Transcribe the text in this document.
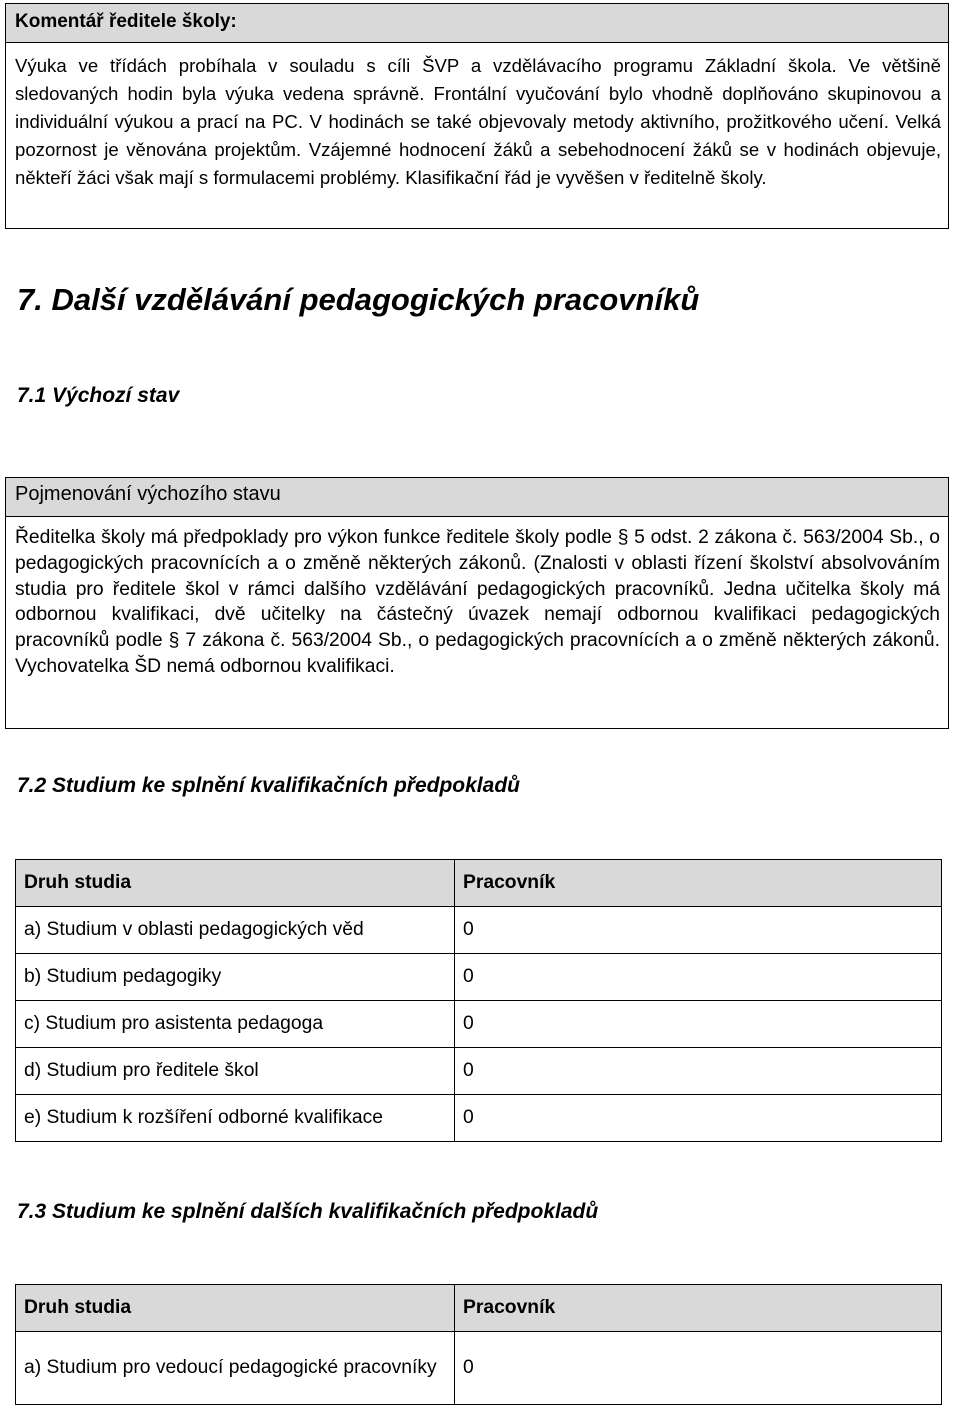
Komentář ředitele školy:
Výuka ve třídách probíhala v souladu s cíli ŠVP a vzdělávacího programu Základní škola. Ve většině sledovaných hodin byla výuka vedena správně. Frontální vyučování bylo vhodně doplňováno skupinovou a individuální výukou a prací na PC. V hodinách se také objevovaly metody aktivního, prožitkového učení. Velká pozornost je věnována projektům. Vzájemné hodnocení žáků a sebehodnocení žáků se v hodinách objevuje, někteří žáci však mají s formulacemi problémy. Klasifikační řád je vyvěšen v ředitelně školy.
7. Další vzdělávání pedagogických pracovníků
7.1 Výchozí stav
Pojmenování výchozího stavu
Ředitelka školy má předpoklady pro výkon funkce ředitele školy podle § 5 odst. 2 zákona č. 563/2004 Sb., o pedagogických pracovnících a o změně některých zákonů. (Znalosti v oblasti řízení školství absolvováním studia pro ředitele škol v rámci dalšího vzdělávání pedagogických pracovníků. Jedna učitelka školy má odbornou kvalifikaci, dvě učitelky na částečný úvazek nemají odbornou kvalifikaci pedagogických pracovníků podle § 7 zákona č. 563/2004 Sb., o pedagogických pracovnících a o změně některých zákonů. Vychovatelka ŠD nemá odbornou kvalifikaci.
7.2 Studium ke splnění kvalifikačních předpokladů
Druh studia	Pracovník
a) Studium v oblasti pedagogických věd	0
b) Studium pedagogiky	0
c) Studium pro asistenta pedagoga	0
d) Studium pro ředitele škol	0
e) Studium k rozšíření odborné kvalifikace	0
7.3 Studium ke splnění dalších kvalifikačních předpokladů
Druh studia	Pracovník
a) Studium pro vedoucí pedagogické pracovníky	0
